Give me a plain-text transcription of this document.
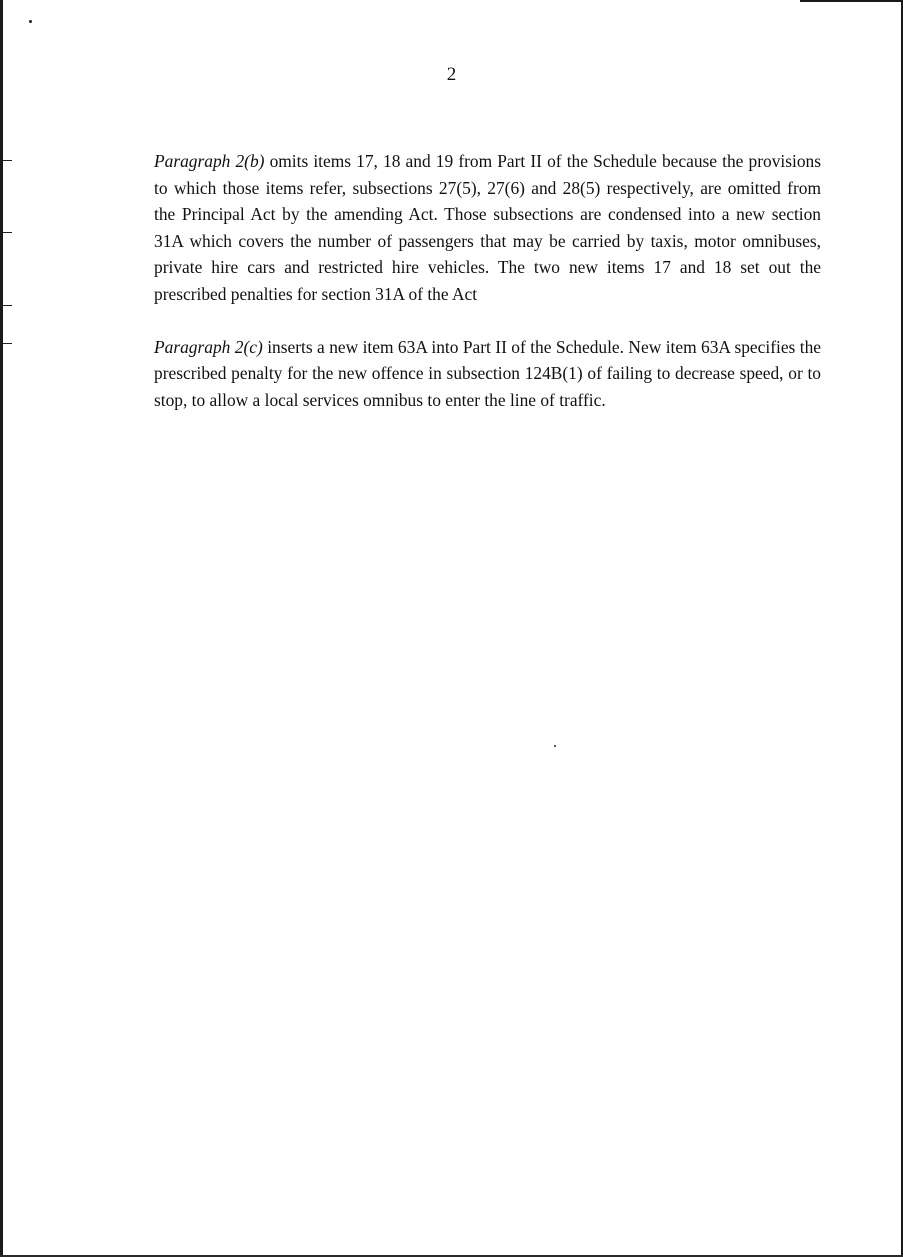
2

Paragraph 2(b) omits items 17, 18 and 19 from Part II of the Schedule because the provisions to which those items refer, subsections 27(5), 27(6) and 28(5) respectively, are omitted from the Principal Act by the amending Act. Those subsections are condensed into a new section 31A which covers the number of passengers that may be carried by taxis, motor omnibuses, private hire cars and restricted hire vehicles. The two new items 17 and 18 set out the prescribed penalties for section 31A of the Act

Paragraph 2(c) inserts a new item 63A into Part II of the Schedule. New item 63A specifies the prescribed penalty for the new offence in subsection 124B(1) of failing to decrease speed, or to stop, to allow a local services omnibus to enter the line of traffic.
